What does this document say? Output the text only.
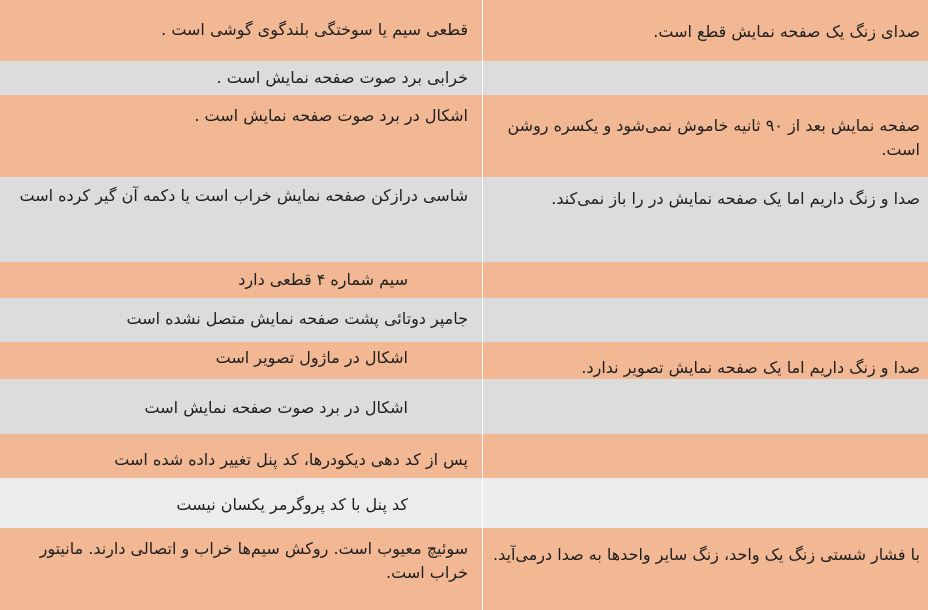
صدای زنگ یک صفحه نمایش قطع است.
قطعی سیم یا سوختگی بلندگوی گوشی است .
خرابی برد صوت صفحه نمایش است .
صفحه نمایش بعد از ۹۰ ثانیه خاموش نمی‌شود و یکسره روشن است.
اشکال در برد صوت صفحه نمایش است .
صدا و زنگ داریم اما یک صفحه نمایش در را باز نمی‌کند.
شاسی درازکن صفحه نمایش خراب است یا دکمه آن گیر کرده است
سیم شماره ۴ قطعی دارد
جامپر دوتائی پشت صفحه نمایش متصل نشده است
صدا و زنگ داریم اما یک صفحه نمایش تصویر ندارد.
اشکال در ماژول تصویر است
اشکال در برد صوت صفحه نمایش است
پس از کد دهی دیکودرها، کد پنل تغییر داده شده است
کد پنل با کد پروگرمر یکسان نیست
با فشار شستی زنگ یک واحد، زنگ سایر واحدها به صدا درمی‌آید.
سوئیچ معیوب است. روکش سیم‌ها خراب و اتصالی دارند. مانیتور خراب است.
